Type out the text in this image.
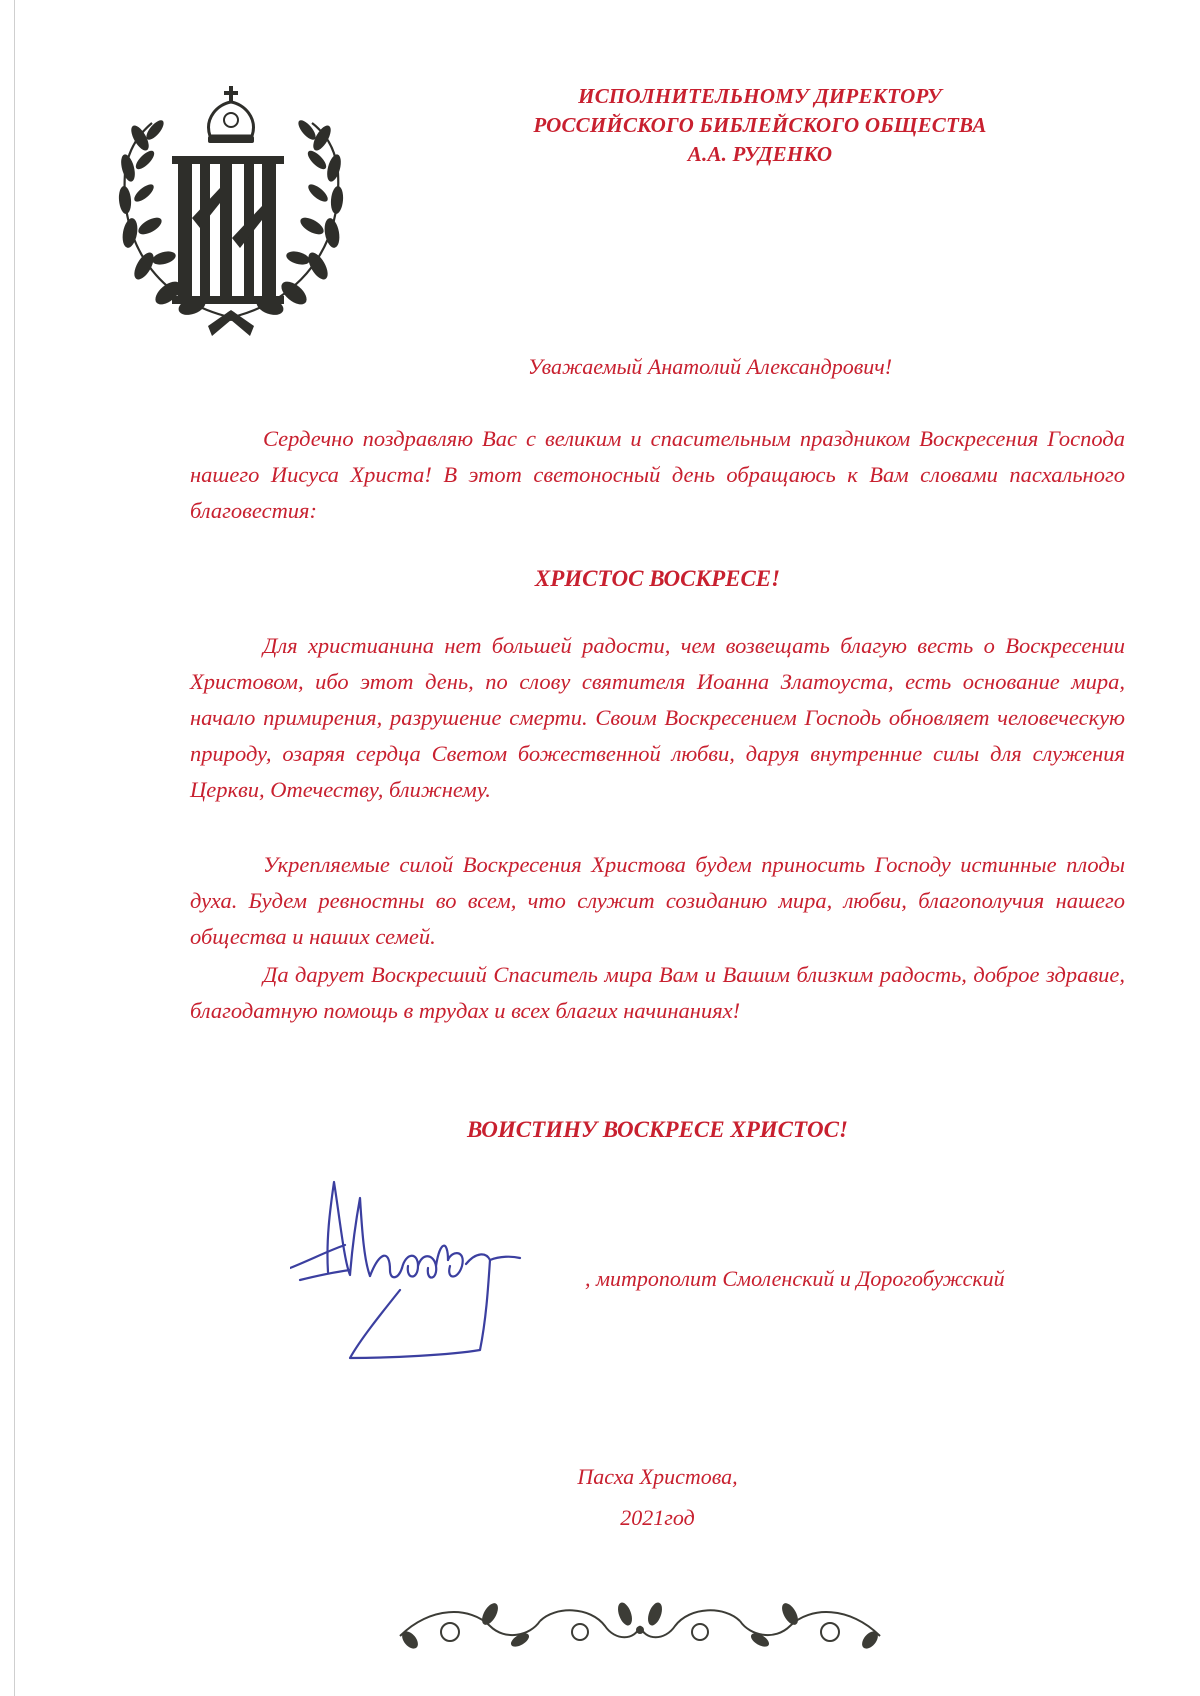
ИСПОЛНИТЕЛЬНОМУ ДИРЕКТОРУ
РОССИЙСКОГО БИБЛЕЙСКОГО ОБЩЕСТВА
А.А. РУДЕНКО
Уважаемый Анатолий Александрович!

Сердечно поздравляю Вас с великим и спасительным праздником Воскресения Господа нашего Иисуса Христа! В этот светоносный день обращаюсь к Вам словами пасхального благовестия:

ХРИСТОС ВОСКРЕСЕ!

Для христианина нет большей радости, чем возвещать благую весть о Воскресении Христовом, ибо этот день, по слову святителя Иоанна Златоуста, есть основание мира, начало примирения, разрушение смерти. Своим Воскресением Господь обновляет человеческую природу, озаряя сердца Светом божественной любви, даруя внутренние силы для служения Церкви, Отечеству, ближнему.

Укрепляемые силой Воскресения Христова будем приносить Господу истинные плоды духа. Будем ревностны во всем, что служит созиданию мира, любви, благополучия нашего общества и наших семей.

Да дарует Воскресший Спаситель мира Вам и Вашим близким радость, доброе здравие, благодатную помощь в трудах и всех благих начинаниях!

ВОИСТИНУ ВОСКРЕСЕ ХРИСТОС!
, митрополит Смоленский и Дорогобужский
Пасха Христова,
2021год
